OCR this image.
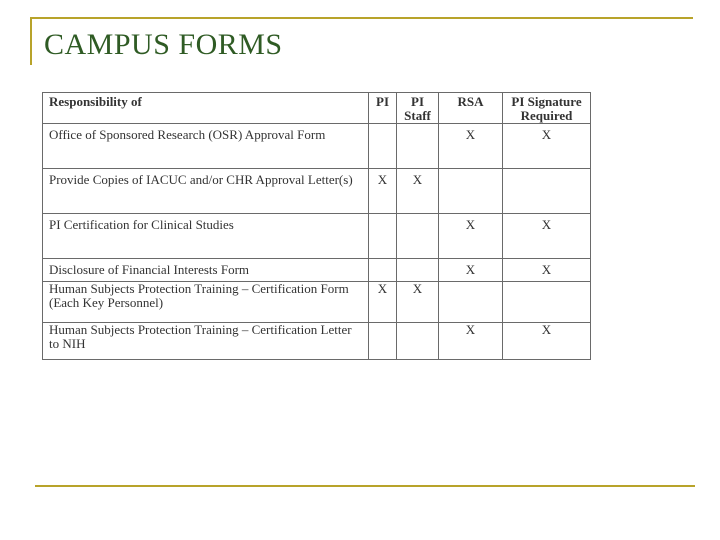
CAMPUS FORMS
Responsibility of	PI	PI Staff	RSA	PI Signature Required
Office of Sponsored Research (OSR) Approval Form			X	X
Provide Copies of IACUC and/or CHR Approval Letter(s)	X	X		
PI Certification for Clinical Studies			X	X
Disclosure of Financial Interests Form			X	X
Human Subjects Protection Training – Certification Form (Each Key Personnel)	X	X		
Human Subjects Protection Training – Certification Letter to NIH			X	X
